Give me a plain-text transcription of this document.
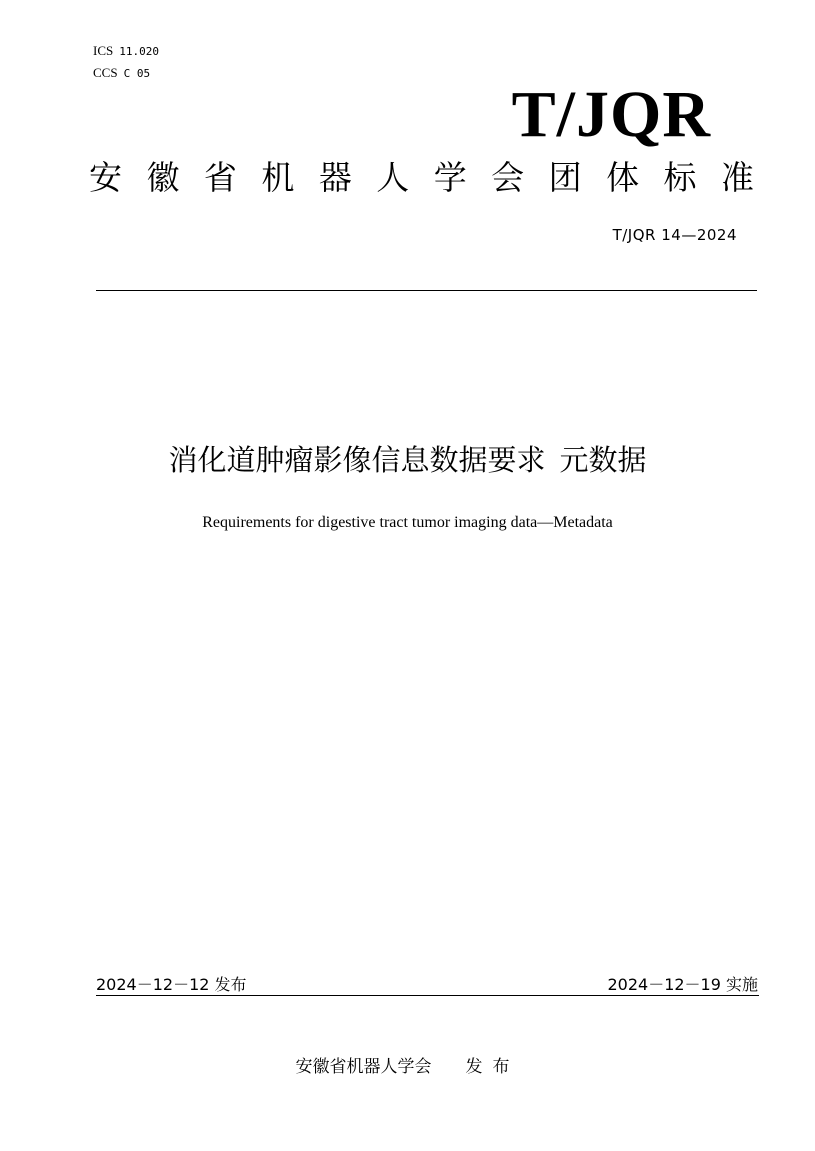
ICS 11.020
CCS C 05
T/JQR
安 徽 省 机 器 人 学 会 团 体 标 准
T/JQR 14—2024
消化道肿瘤影像信息数据要求 元数据
Requirements for digestive tract tumor imaging data—Metadata
2024－12－12 发布	2024－12－19 实施
安徽省机器人学会 发布
